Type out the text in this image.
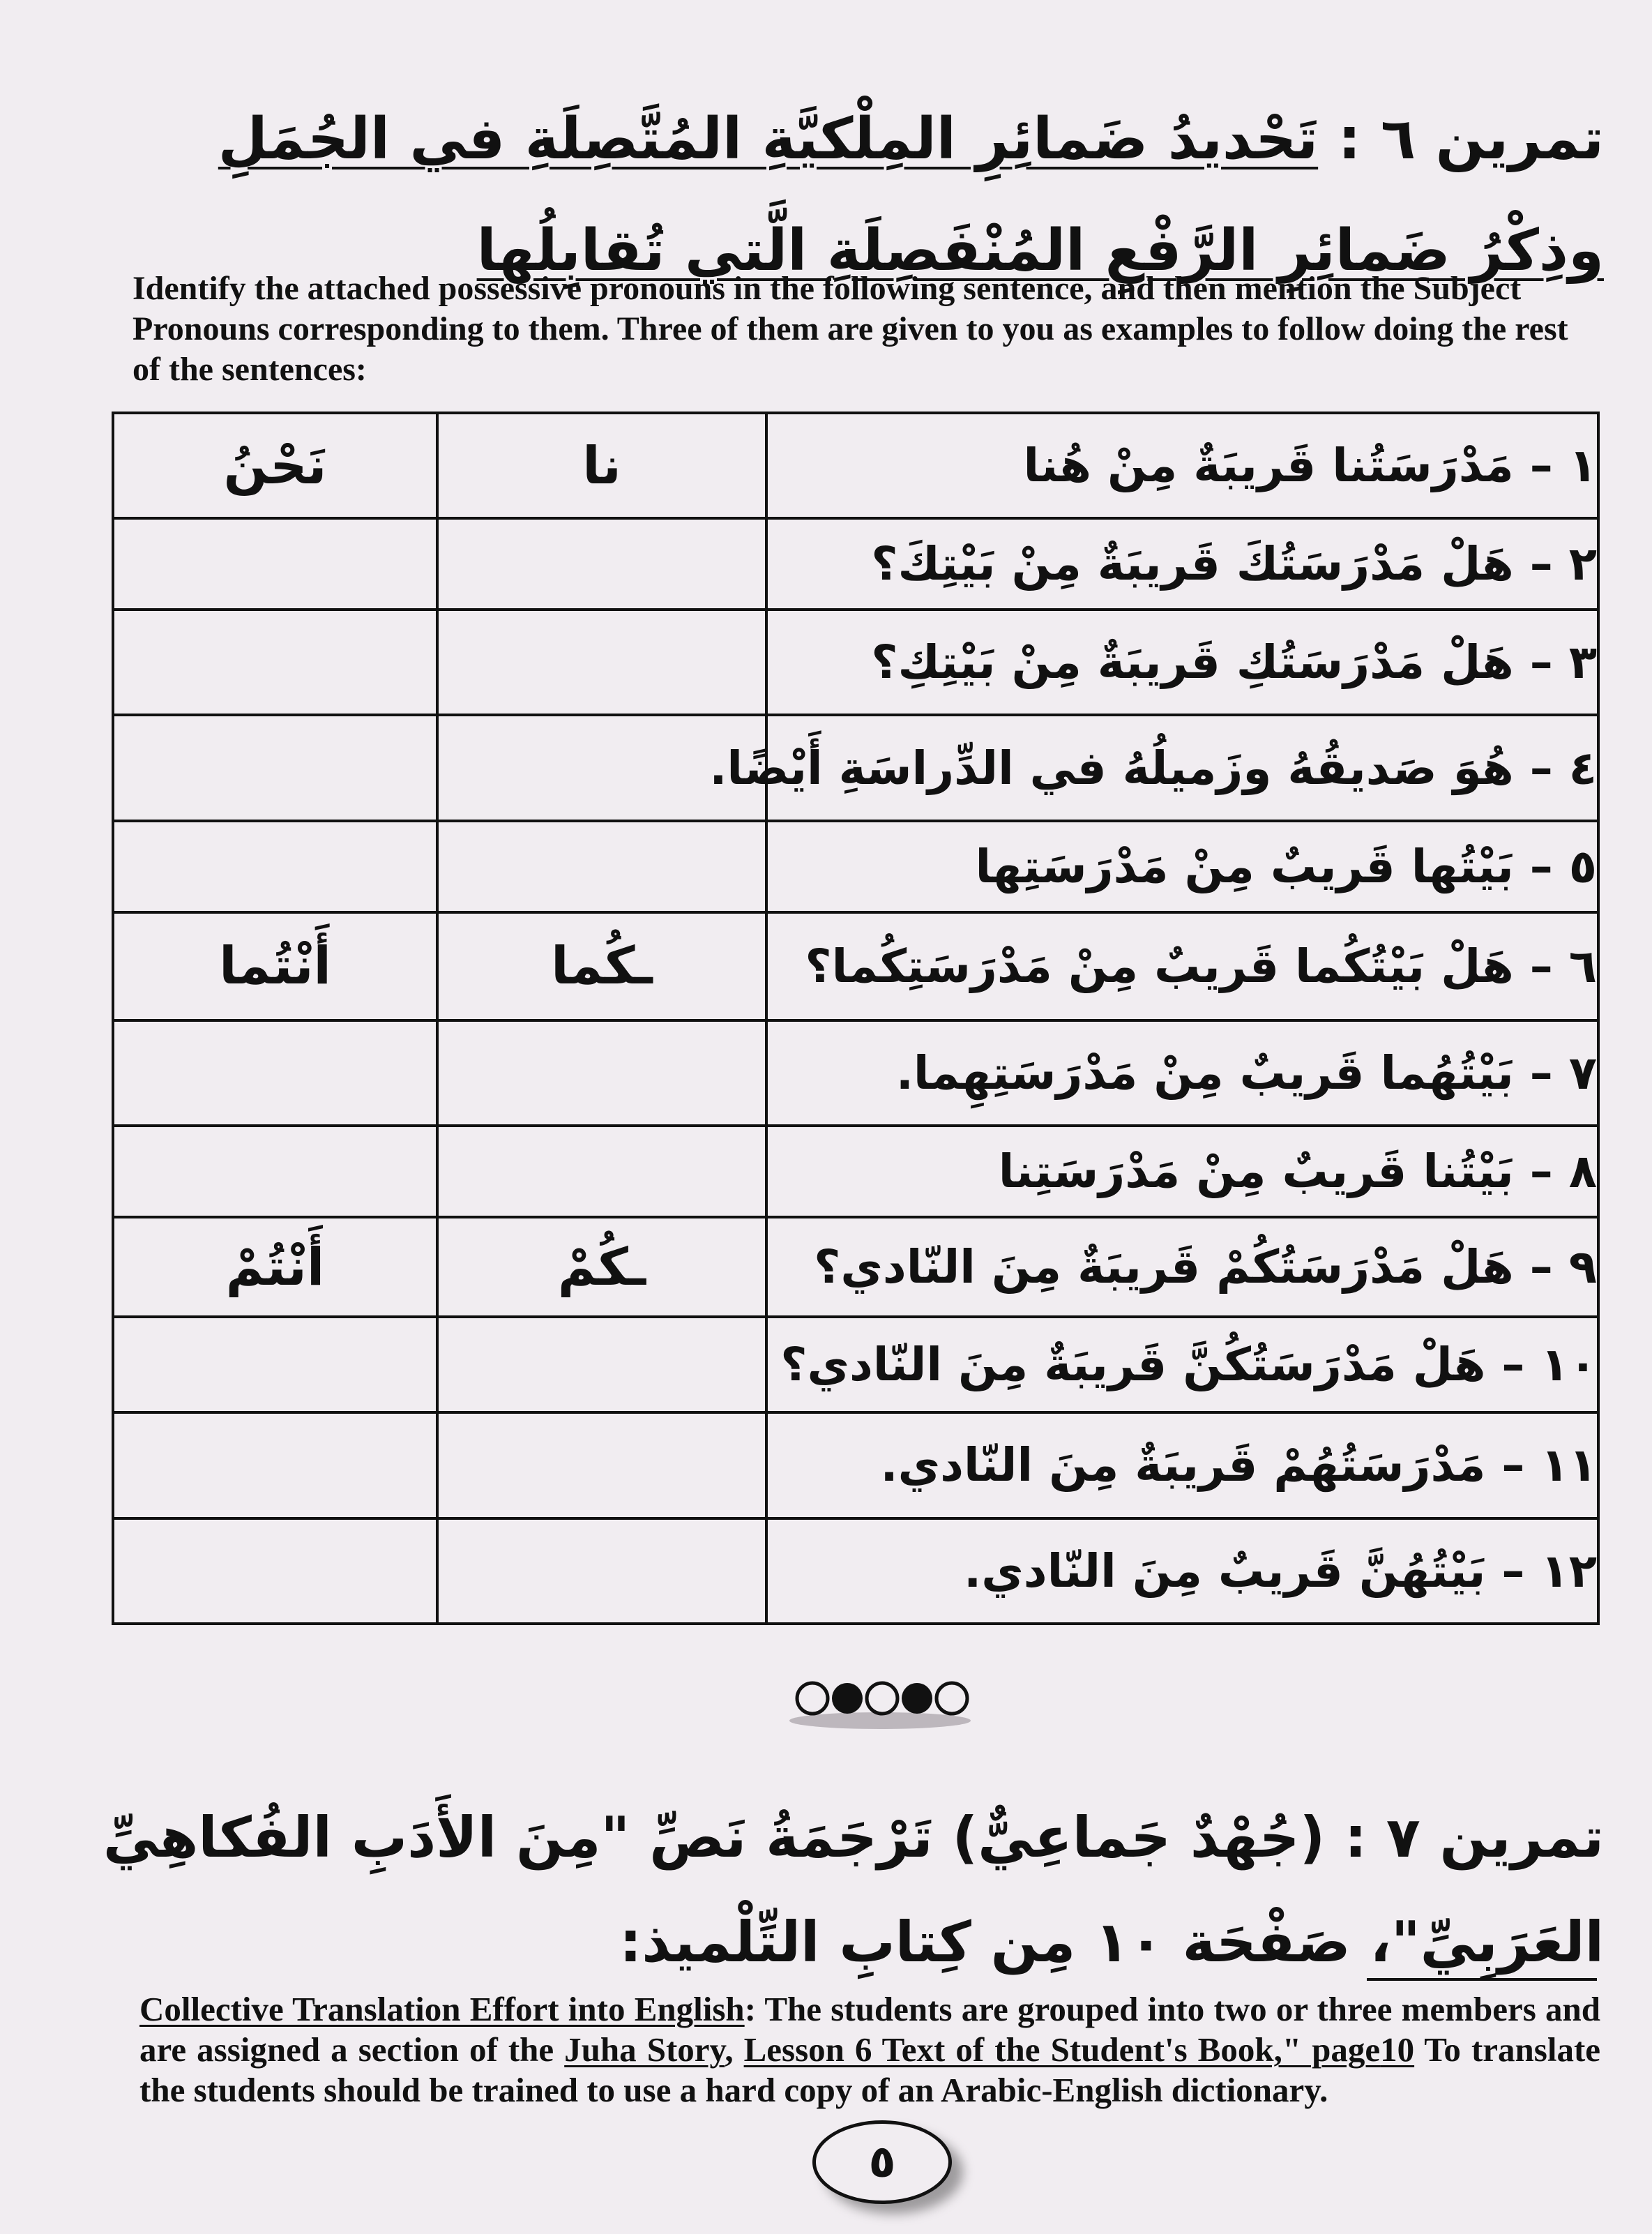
تمرين ٦ : تَحْديدُ ضَمائِرِ المِلْكيَّةِ المُتَّصِلَةِ في الجُمَلِ وذِكْرُ ضَمائِرِ الرَّفْعِ المُنْفَصِلَةِ الَّتي تُقابِلُها

Identify the attached possessive pronouns in the following sentence, and then mention the Subject Pronouns corresponding to them. Three of them are given to you as examples to follow doing the rest of the sentences:

نَحْنُ	نا	١ – مَدْرَسَتُنا قَريبَةٌ مِنْ هُنا
		٢ – هَلْ مَدْرَسَتُكَ قَريبَةٌ مِنْ بَيْتِكَ؟
		٣ – هَلْ مَدْرَسَتُكِ قَريبَةٌ مِنْ بَيْتِكِ؟
		٤ – هُوَ صَديقُهُ وزَميلُهُ في الدِّراسَةِ أَيْضًا.
		٥ – بَيْتُها قَريبٌ مِنْ مَدْرَسَتِها
أَنْتُما	ـكُما	٦ – هَلْ بَيْتُكُما قَريبٌ مِنْ مَدْرَسَتِكُما؟
		٧ – بَيْتُهُما قَريبٌ مِنْ مَدْرَسَتِهِما.
		٨ – بَيْتُنا قَريبٌ مِنْ مَدْرَسَتِنا
أَنْتُمْ	ـكُمْ	٩ – هَلْ مَدْرَسَتُكُمْ قَريبَةٌ مِنَ النّادي؟
		١٠ – هَلْ مَدْرَسَتُكُنَّ قَريبَةٌ مِنَ النّادي؟
		١١ – مَدْرَسَتُهُمْ قَريبَةٌ مِنَ النّادي.
		١٢ – بَيْتُهُنَّ قَريبٌ مِنَ النّادي.

تمرين ٧ : (جُهْدٌ جَماعِيٌّ) تَرْجَمَةُ نَصِّ "مِنَ الأَدَبِ الفُكاهِيِّ العَرَبِيِّ"، صَفْحَة ١٠ مِن كِتابِ التِّلْميذ:

Collective Translation Effort into English: The students are grouped into two or three members and are assigned a section of the Juha Story, Lesson 6 Text of the Student's Book," page10 To translate the students should be trained to use a hard copy of an Arabic-English dictionary.

٥
